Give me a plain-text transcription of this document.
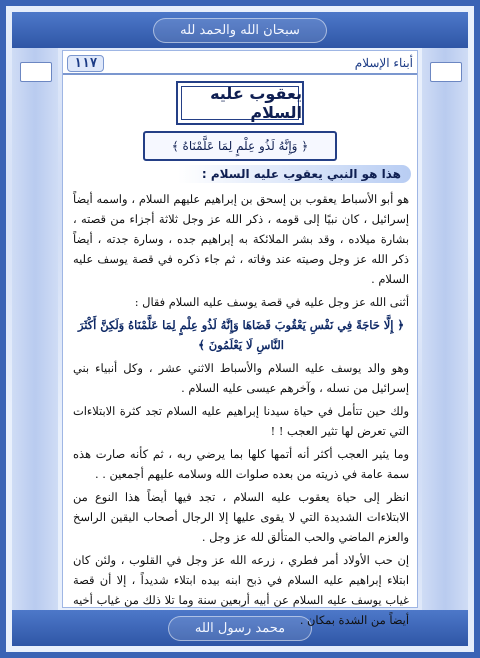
سبحان الله والحمد لله
محمد رسول الله
١١٧	أبناء الإسلام
يعقوب عليه السلام
﴿ وَإِنَّهُ لَذُو عِلْمٍ لِمَا عَلَّمْنَاهُ ﴾
هذا هو النبي يعقوب عليه السلام :

هو أبو الأسباط يعقوب بن إسحق بن إبراهيم عليهم السلام ، واسمه أيضاً إسرائيل ، كان نبيًا إلى قومه ، ذكر الله عز وجل ثلاثة أجزاء من قصته ، بشارة ميلاده ، وقد بشر الملائكة به إبراهيم جده ، وسارة جدته ، أيضاً ذكر الله عز وجل وصيته عند وفاته ، ثم جاء ذكره في قصة يوسف عليه السلام .

أثنى الله عز وجل عليه في قصة يوسف عليه السلام فقال :

﴿ إِلَّا حَاجَةً فِي نَفْسِ يَعْقُوبَ قَضَاهَا وَإِنَّهُ لَذُو عِلْمٍ لِمَا عَلَّمْنَاهُ وَلَكِنَّ أَكْثَرَ النَّاسِ لَا يَعْلَمُونَ ﴾

وهو والد يوسف عليه السلام والأسباط الاثني عشر ، وكل أنبياء بني إسرائيل من نسله ، وآخرهم عيسى عليه السلام .

ولك حين تتأمل في حياة سيدنا إبراهيم عليه السلام تجد كثرة الابتلاءات التي تعرض لها تثير العجب ! !

وما يثير العجب أكثر أنه أتمها كلها بما يرضي ربه ، ثم كأنه صارت هذه سمة عامة في ذريته من بعده صلوات الله وسلامه عليهم أجمعين . .

انظر إلى حياة يعقوب عليه السلام ، تجد فيها أيضاً هذا النوع من الابتلاءات الشديدة التي لا يقوى عليها إلا الرجال أصحاب اليقين الراسخ والعزم الماضي والحب المتألق لله عز وجل .

إن حب الأولاد أمر فطري ، زرعه الله عز وجل في القلوب ، ولئن كان ابتلاء إبراهيم عليه السلام في ذبح ابنه بيده ابتلاء شديداً ، إلا أن قصة غياب يوسف عليه السلام عن أبيه أربعين سنة وما تلا ذلك من غياب أخيه أيضاً من الشدة بمكان .
